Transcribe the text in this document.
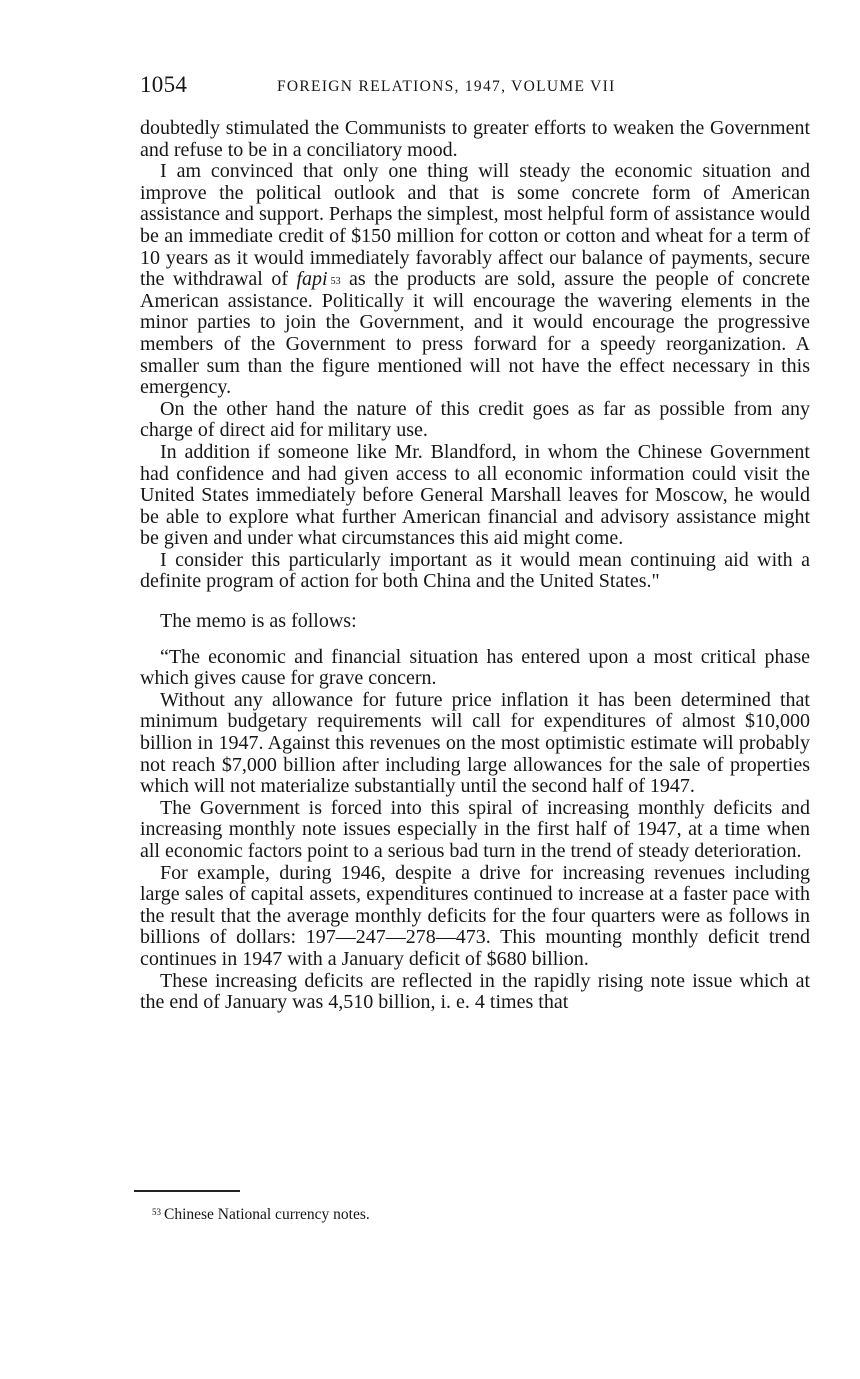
1054	FOREIGN RELATIONS, 1947, VOLUME VII

doubtedly stimulated the Communists to greater efforts to weaken the Government and refuse to be in a conciliatory mood.

I am convinced that only one thing will steady the economic situation and improve the political outlook and that is some concrete form of American assistance and support. Perhaps the simplest, most helpful form of assistance would be an immediate credit of $150 million for cotton or cotton and wheat for a term of 10 years as it would immediately favorably affect our balance of payments, secure the withdrawal of fapi $^{53}$ as the products are sold, assure the people of concrete American assistance. Politically it will encourage the wavering elements in the minor parties to join the Government, and it would encourage the progressive members of the Government to press forward for a speedy reorganization. A smaller sum than the figure mentioned will not have the effect necessary in this emergency.

On the other hand the nature of this credit goes as far as possible from any charge of direct aid for military use.

In addition if someone like Mr. Blandford, in whom the Chinese Government had confidence and had given access to all economic information could visit the United States immediately before General Marshall leaves for Moscow, he would be able to explore what further American financial and advisory assistance might be given and under what circumstances this aid might come.

I consider this particularly important as it would mean continuing aid with a definite program of action for both China and the United States."

The memo is as follows:

“The economic and financial situation has entered upon a most critical phase which gives cause for grave concern.

Without any allowance for future price inflation it has been determined that minimum budgetary requirements will call for expenditures of almost $10,000 billion in 1947. Against this revenues on the most optimistic estimate will probably not reach $7,000 billion after including large allowances for the sale of properties which will not materialize substantially until the second half of 1947.

The Government is forced into this spiral of increasing monthly deficits and increasing monthly note issues especially in the first half of 1947, at a time when all economic factors point to a serious bad turn in the trend of steady deterioration.

For example, during 1946, despite a drive for increasing revenues including large sales of capital assets, expenditures continued to increase at a faster pace with the result that the average monthly deficits for the four quarters were as follows in billions of dollars: 197—247—278—473. This mounting monthly deficit trend continues in 1947 with a January deficit of $680 billion.

These increasing deficits are reflected in the rapidly rising note issue which at the end of January was 4,510 billion, i. e. 4 times that

$^{53}$ Chinese National currency notes.
